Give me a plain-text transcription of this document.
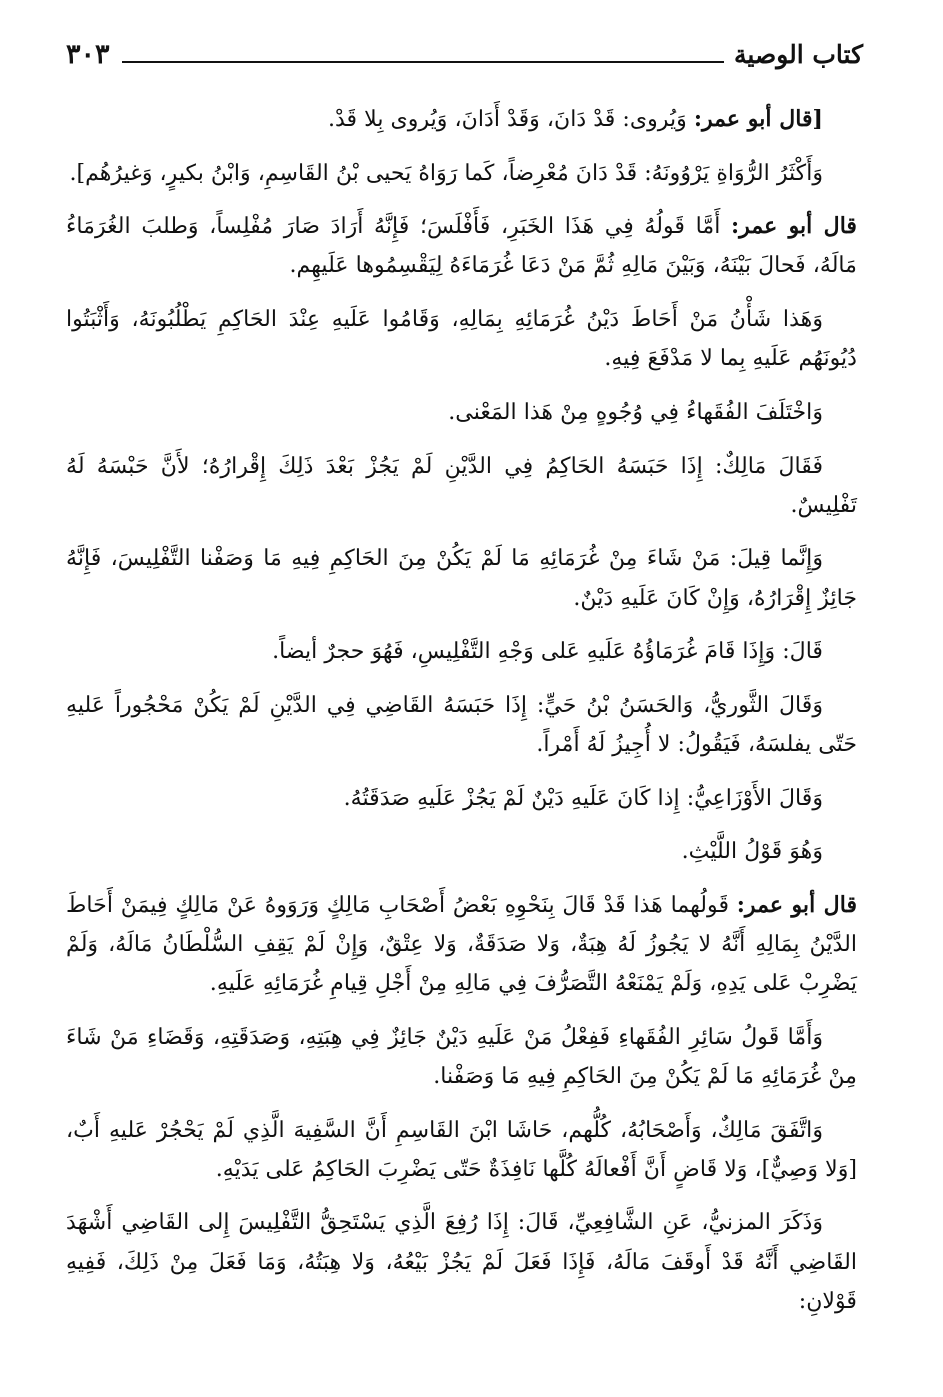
كتاب الوصية
٣٠٣

[قال أبو عمر: وَيُروى: قَدْ دَانَ، وَقَدْ أَدَانَ، وَيُروى بِلا قَدْ.

وَأَكْثَرُ الرُّوَاةِ يَرْوُونَهُ: قَدْ دَانَ مُعْرِضاً، كَما رَوَاهُ يَحيى بْنُ القَاسِمِ، وَابْنُ بكيرٍ، وَغيرُهُم].

قال أبو عمر: أَمَّا قَولُهُ فِي هَذَا الخَبَرِ، فَأَفْلَسَ؛ فَإِنَّهُ أَرَادَ صَارَ مُفْلِساً، وَطلبَ الغُرَمَاءُ مَالَهُ، فَحالَ بَيْنَهُ، وَبَيْنَ مَالِهِ ثُمَّ مَنْ دَعَا غُرَمَاءَهُ لِيَقْسِمُوها عَلَيهِم.

وَهَذا شَأْنُ مَنْ أَحَاطَ دَيْنُ غُرَمَائِهِ بِمَالِهِ، وَقَامُوا عَلَيهِ عِنْدَ الحَاكِمِ يَطْلُبُونَهُ، وَأَثْبَتُوا دُيُونَهُم عَلَيهِ بِما لا مَدْفَعَ فِيهِ.

وَاخْتَلَفَ الفُقَهاءُ فِي وُجُوهٍ مِنْ هَذا المَعْنى.

فَقَالَ مَالِكٌ: إِذَا حَبَسَهُ الحَاكِمُ فِي الدَّيْنِ لَمْ يَجُزْ بَعْدَ ذَلِكَ إِقْرارُهُ؛ لأَنَّ حَبْسَهُ لَهُ تَفْلِيسٌ.

وَإِنَّما قِيلَ: مَنْ شَاءَ مِنْ غُرَمَائِهِ مَا لَمْ يَكُنْ مِنَ الحَاكِمِ فِيهِ مَا وَصَفْنا التَّفْلِيسَ، فَإِنَّهُ جَائِزٌ إِقْرَارُهُ، وَإِنْ كَانَ عَلَيهِ دَيْنٌ.

قَالَ: وَإِذَا قَامَ غُرَمَاؤُهُ عَلَيهِ عَلى وَجْهِ التَّفْلِيسِ، فَهُوَ حجرٌ أيضاً.

وَقَالَ الثَّوريُّ، وَالحَسَنُ بْنُ حَيٍّ: إِذَا حَبَسَهُ القَاضِي فِي الدَّيْنِ لَمْ يَكُنْ مَحْجُوراً عَليهِ حَتّى يفلسَهُ، فَيَقُولُ: لا أُجِيزُ لَهُ أَمْراً.

وَقَالَ الأَوْزَاعِيُّ: إِذا كَانَ عَلَيهِ دَيْنٌ لَمْ يَجُزْ عَلَيهِ صَدَقَتُهُ.

وَهُوَ قَوْلُ اللَّيْثِ.

قال أبو عمر: قَولُهما هَذا قَدْ قَالَ بِنَحْوِهِ بَعْضُ أَصْحَابِ مَالِكٍ وَرَوَوهُ عَنْ مَالِكٍ فِيمَنْ أَحَاطَ الدَّيْنُ بِمَالِهِ أَنَّهُ لا يَجُوزُ لَهُ هِبَةٌ، وَلا صَدَقَةٌ، وَلا عِتْقٌ، وَإِنْ لَمْ يَقِفِ السُّلْطَانُ مَالَهُ، وَلَمْ يَضْرِبْ عَلى يَدِهِ، وَلَمْ يَمْنَعْهُ التَّصَرُّفَ فِي مَالِهِ مِنْ أَجْلِ قِيامِ غُرَمَائِهِ عَلَيهِ.

وَأَمَّا قَولُ سَائِرِ الفُقَهاءِ فَفِعْلُ مَنْ عَلَيهِ دَيْنٌ جَائِزٌ فِي هِبَتِهِ، وَصَدَقَتِهِ، وَقَضَاءِ مَنْ شَاءَ مِنْ غُرَمَائِهِ مَا لَمْ يَكُنْ مِنَ الحَاكِمِ فِيهِ مَا وَصَفْنا.

وَاتَّفَقَ مَالِكٌ، وَأَصْحَابُهُ، كُلُّهم، حَاشَا ابْنَ القَاسِمِ أَنَّ السَّفِيهَ الَّذِي لَمْ يَحْجُرْ عَليهِ أَبٌ، [وَلا وَصِيٌّ]، وَلا قَاضٍ أَنَّ أَفْعالَهُ كُلَّها نَافِذَةٌ حَتّى يَضْرِبَ الحَاكِمُ عَلى يَدَيْهِ.

وَذَكَرَ المزنيُّ، عَنِ الشَّافِعِيِّ، قَالَ: إِذَا رُفِعَ الَّذِي يَسْتَحِقُّ التَّفْلِيسَ إِلى القَاضِي أَشْهَدَ القَاضِي أَنَّهُ قَدْ أَوقَفَ مَالَهُ، فَإِذَا فَعَلَ لَمْ يَجُزْ بَيْعُهُ، وَلا هِبَتُهُ، وَمَا فَعَلَ مِنْ ذَلِكَ، فَفِيهِ قَوْلانِ:
